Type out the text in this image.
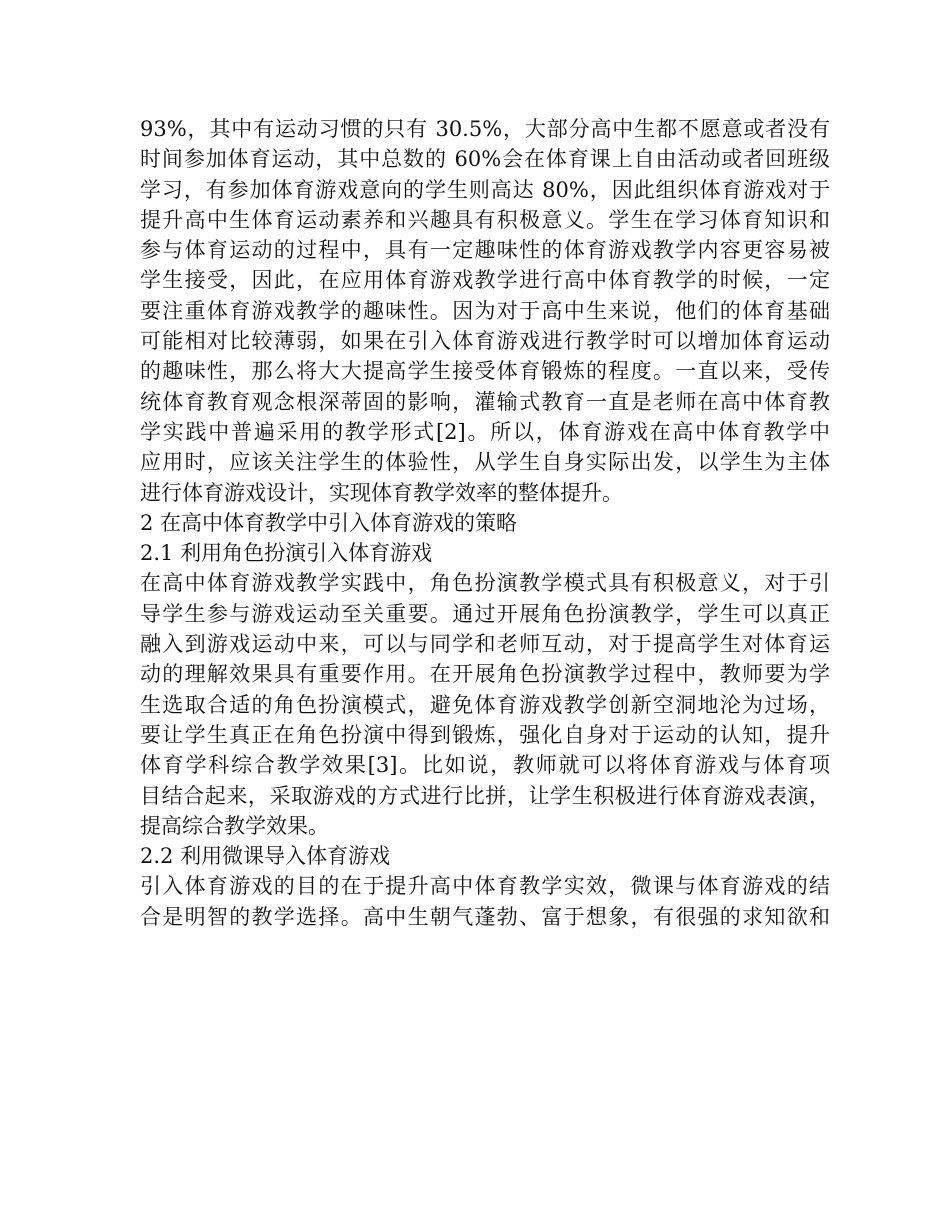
93%，其中有运动习惯的只有 30.5%，大部分高中生都不愿意或者没有
时间参加体育运动，其中总数的 60%会在体育课上自由活动或者回班级
学习，有参加体育游戏意向的学生则高达 80%，因此组织体育游戏对于
提升高中生体育运动素养和兴趣具有积极意义。学生在学习体育知识和
参与体育运动的过程中，具有一定趣味性的体育游戏教学内容更容易被
学生接受，因此，在应用体育游戏教学进行高中体育教学的时候，一定
要注重体育游戏教学的趣味性。因为对于高中生来说，他们的体育基础
可能相对比较薄弱，如果在引入体育游戏进行教学时可以增加体育运动
的趣味性，那么将大大提高学生接受体育锻炼的程度。一直以来，受传
统体育教育观念根深蒂固的影响，灌输式教育一直是老师在高中体育教
学实践中普遍采用的教学形式[2]。所以，体育游戏在高中体育教学中
应用时，应该关注学生的体验性，从学生自身实际出发，以学生为主体
进行体育游戏设计，实现体育教学效率的整体提升。
2 在高中体育教学中引入体育游戏的策略
2.1 利用角色扮演引入体育游戏
在高中体育游戏教学实践中，角色扮演教学模式具有积极意义，对于引
导学生参与游戏运动至关重要。通过开展角色扮演教学，学生可以真正
融入到游戏运动中来，可以与同学和老师互动，对于提高学生对体育运
动的理解效果具有重要作用。在开展角色扮演教学过程中，教师要为学
生选取合适的角色扮演模式，避免体育游戏教学创新空洞地沦为过场，
要让学生真正在角色扮演中得到锻炼，强化自身对于运动的认知，提升
体育学科综合教学效果[3]。比如说，教师就可以将体育游戏与体育项
目结合起来，采取游戏的方式进行比拼，让学生积极进行体育游戏表演，
提高综合教学效果。
2.2 利用微课导入体育游戏
引入体育游戏的目的在于提升高中体育教学实效，微课与体育游戏的结
合是明智的教学选择。高中生朝气蓬勃、富于想象，有很强的求知欲和
